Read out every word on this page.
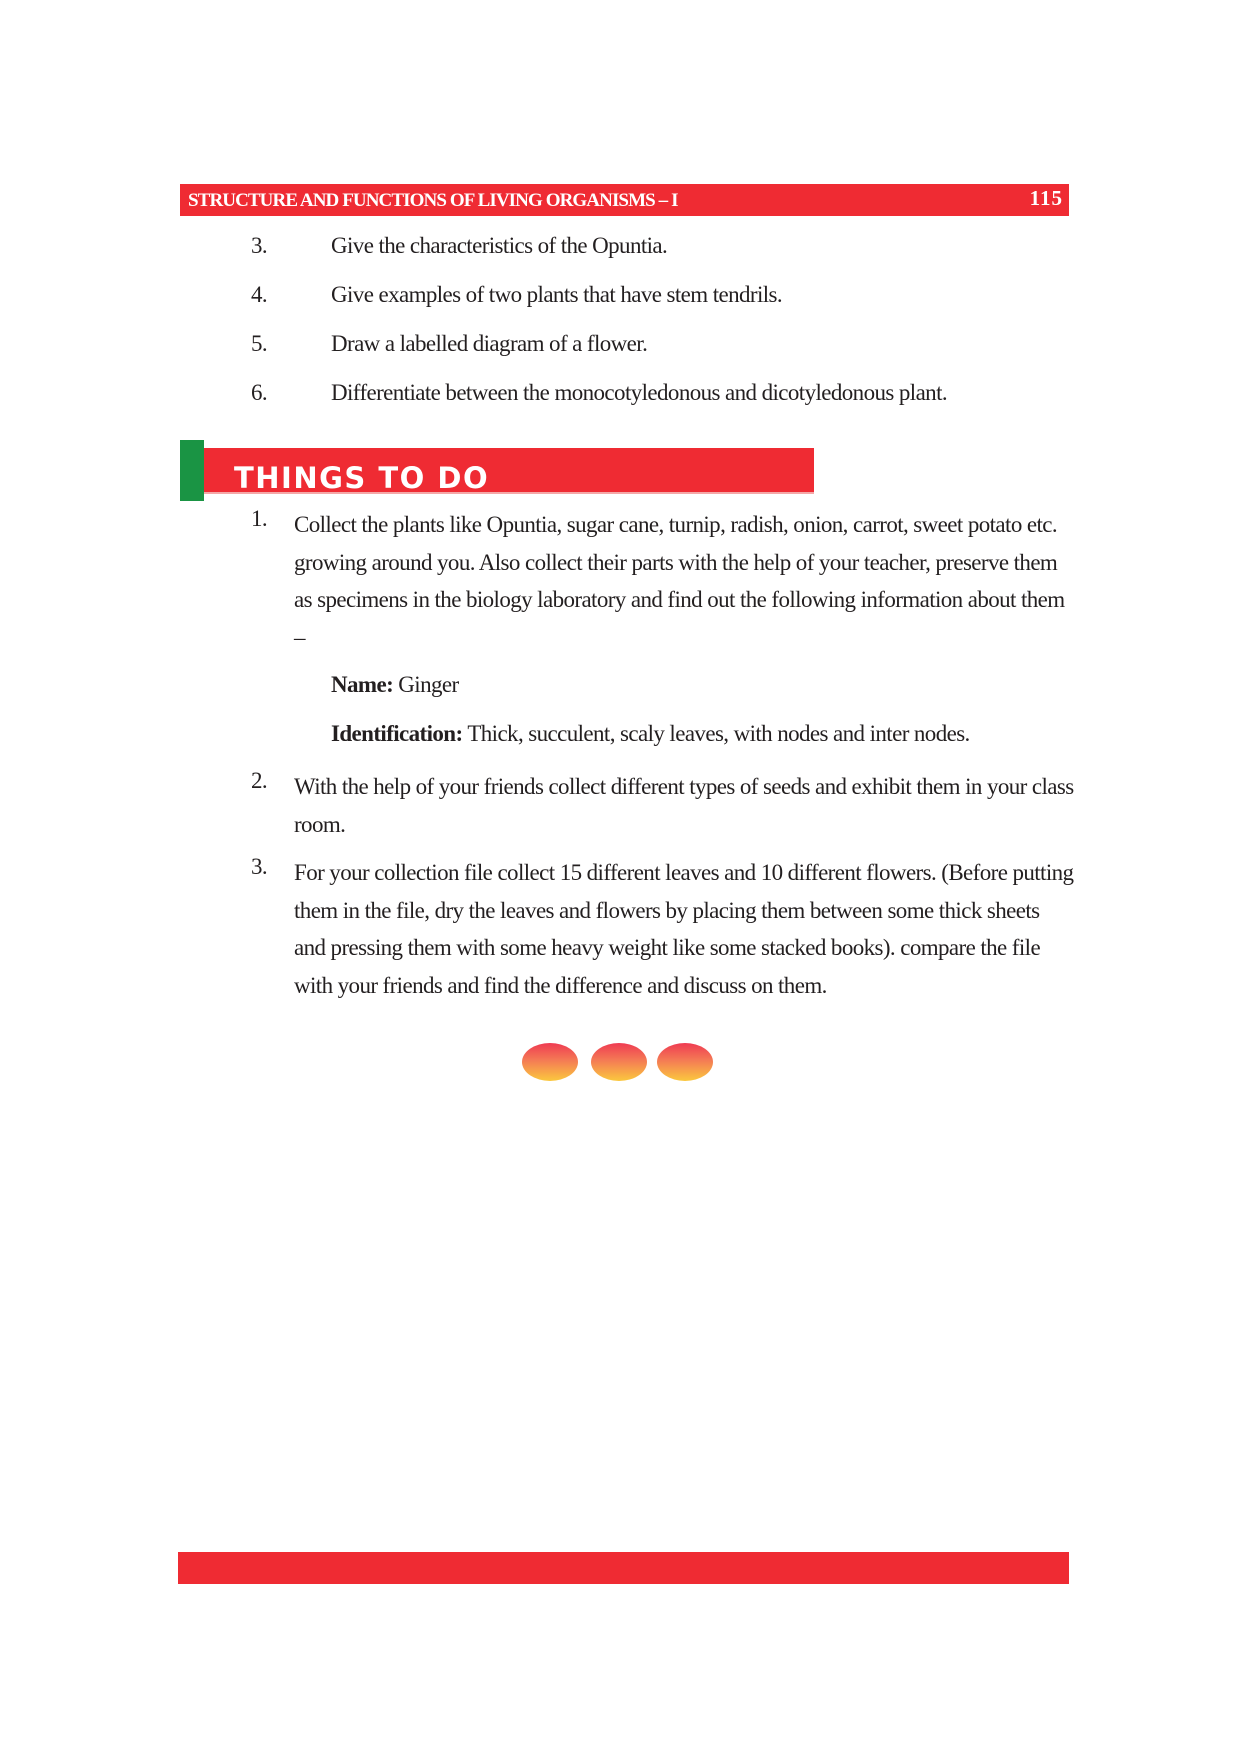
STRUCTURE AND FUNCTIONS OF LIVING ORGANISMS – I	115
3.	Give the characteristics of the Opuntia.
4.	Give examples of two plants that have stem tendrils.
5.	Draw a labelled diagram of a flower.
6.	Differentiate between the monocotyledonous and dicotyledonous plant.
THINGS TO DO
1. Collect the plants like Opuntia, sugar cane, turnip, radish, onion, carrot, sweet potato etc. growing around you. Also collect their parts with the help of your teacher, preserve them as specimens in the biology laboratory and find out the following information about them –
Name: Ginger
Identification: Thick, succulent, scaly leaves, with nodes and inter nodes.
2. With the help of your friends collect different types of seeds and exhibit them in your class room.
3. For your collection file collect 15 different leaves and 10 different flowers. (Before putting them in the file, dry the leaves and flowers by placing them between some thick sheets and pressing them with some heavy weight like some stacked books). compare the file with your friends and find the difference and discuss on them.
